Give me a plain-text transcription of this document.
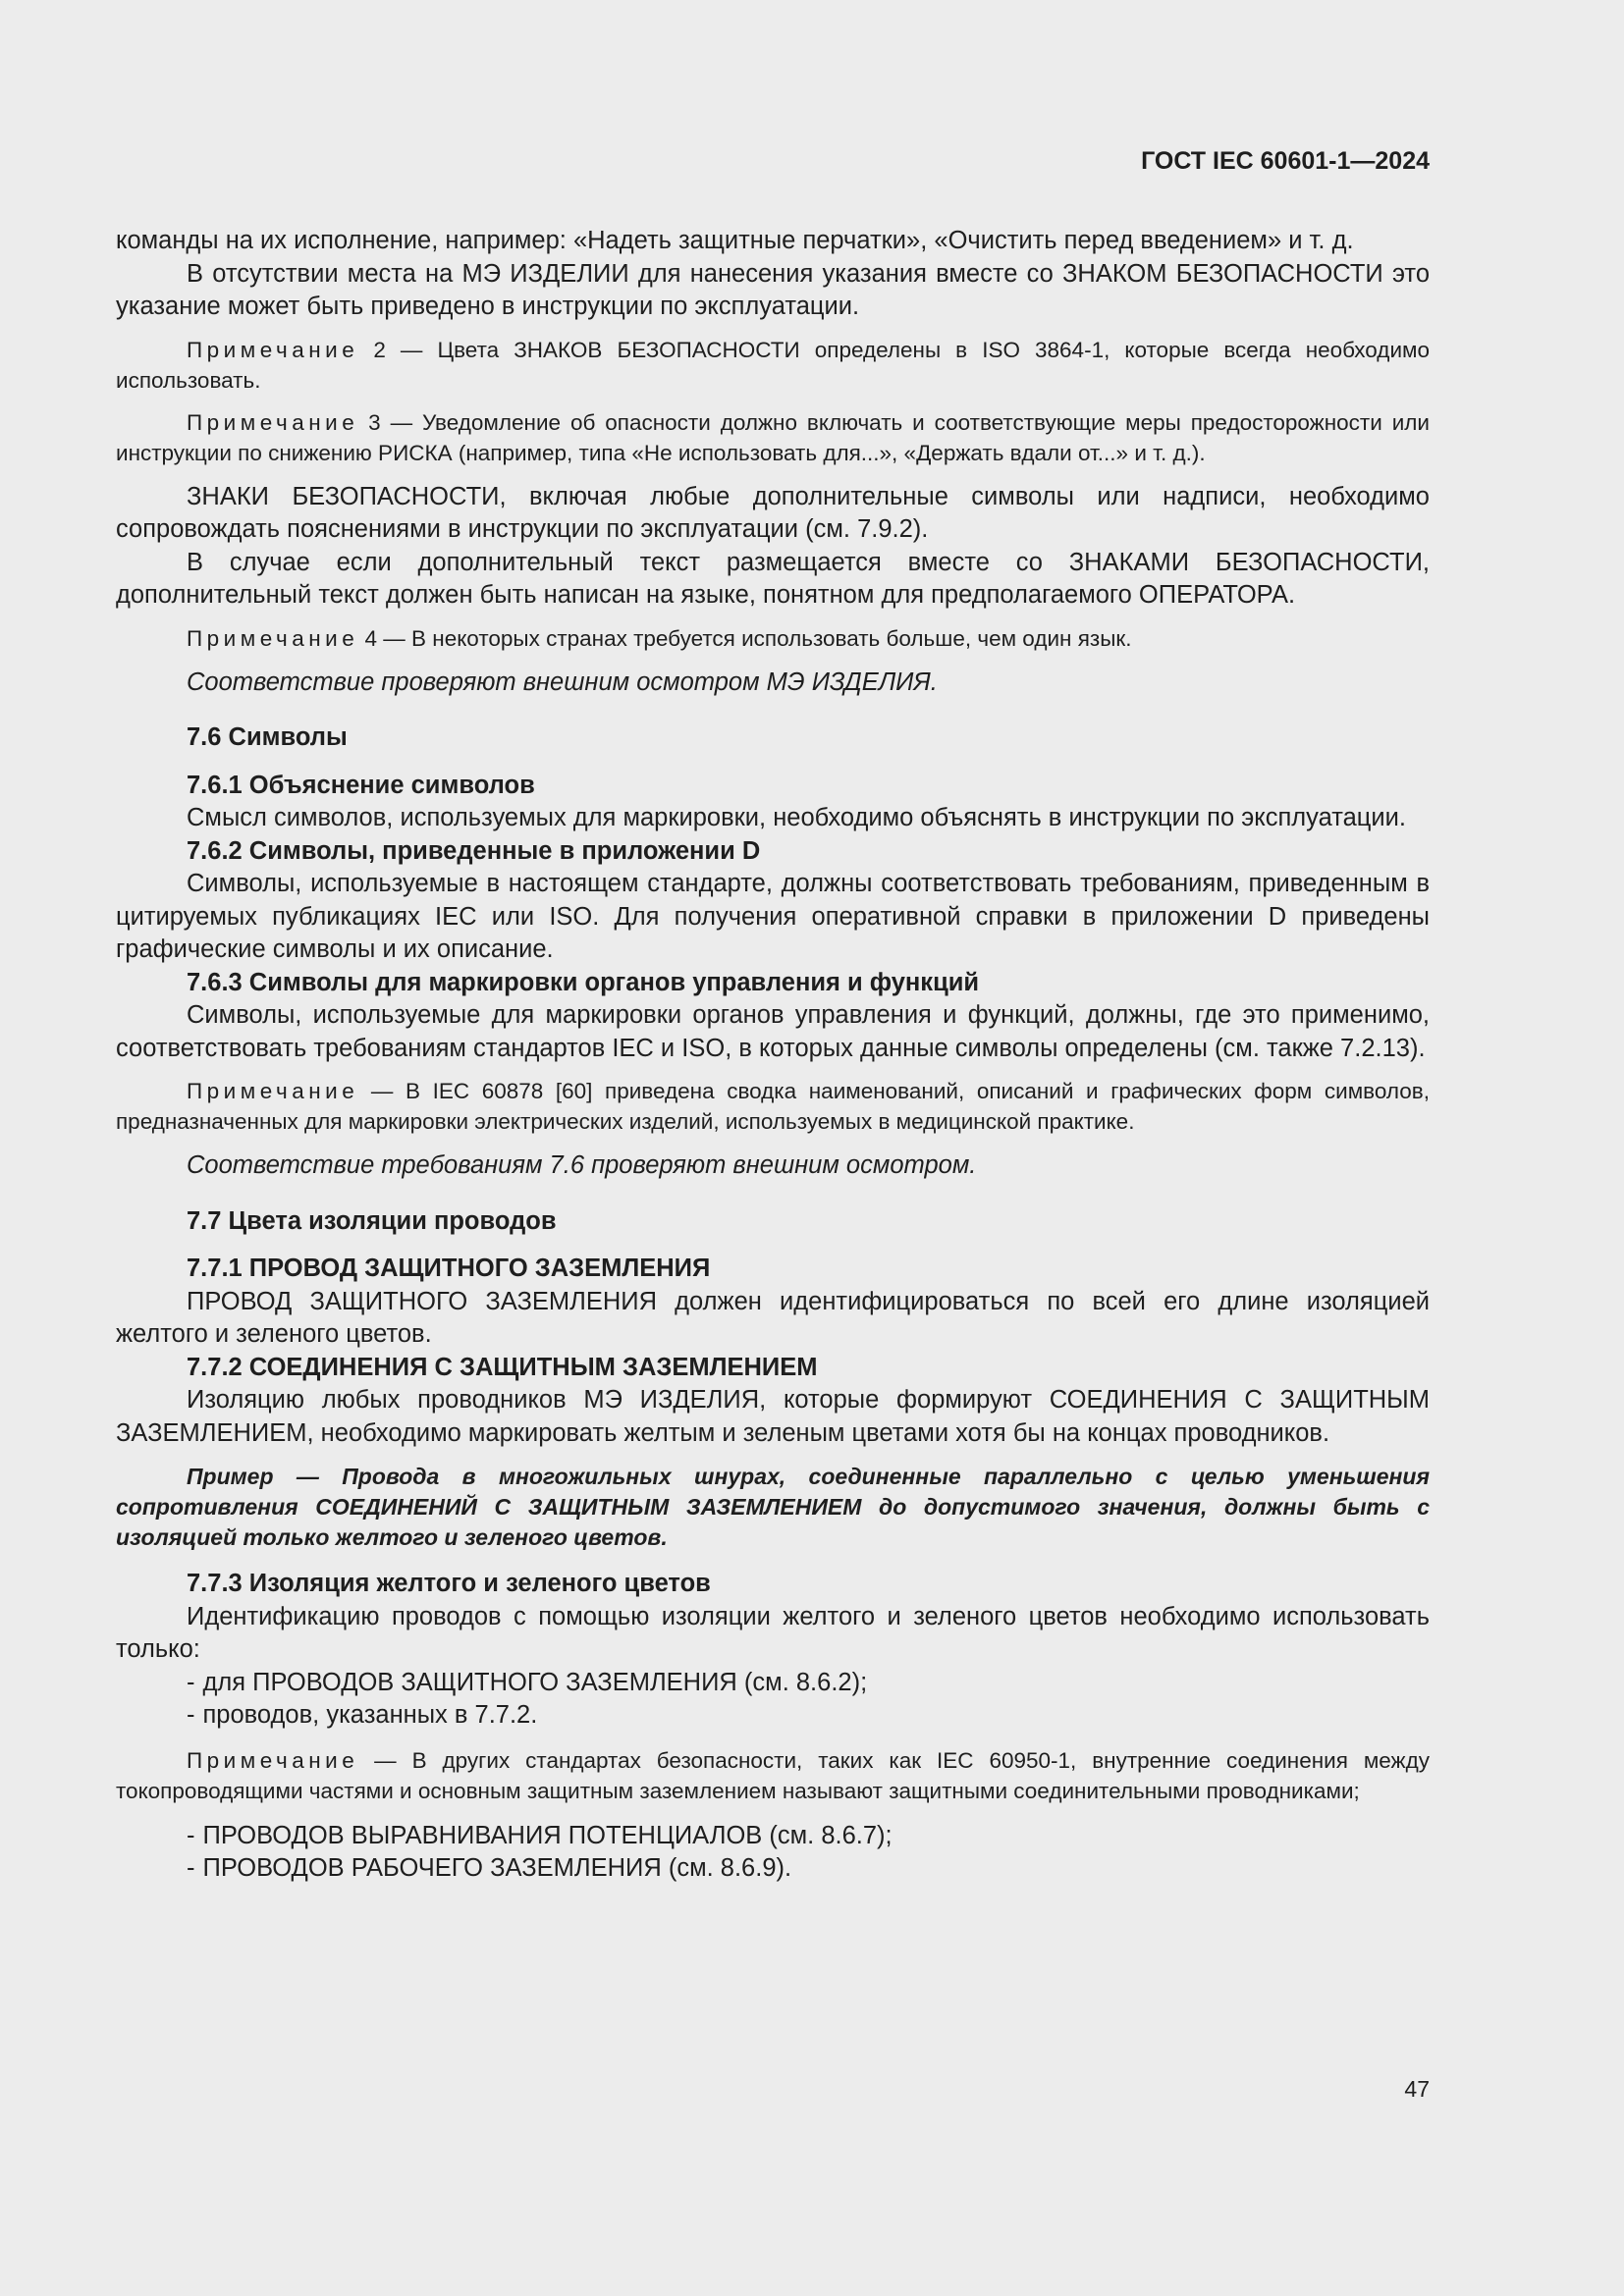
ГОСТ IEC 60601-1—2024

команды на их исполнение, например: «Надеть защитные перчатки», «Очистить перед введением» и т. д.

В отсутствии места на МЭ ИЗДЕЛИИ для нанесения указания вместе со ЗНАКОМ БЕЗОПАСНОСТИ это указание может быть приведено в инструкции по эксплуатации.

Примечание 2 — Цвета ЗНАКОВ БЕЗОПАСНОСТИ определены в ISO 3864-1, которые всегда необходимо использовать.

Примечание 3 — Уведомление об опасности должно включать и соответствующие меры предосторожности или инструкции по снижению РИСКА (например, типа «Не использовать для...», «Держать вдали от...» и т. д.).

ЗНАКИ БЕЗОПАСНОСТИ, включая любые дополнительные символы или надписи, необходимо сопровождать пояснениями в инструкции по эксплуатации (см. 7.9.2).

В случае если дополнительный текст размещается вместе со ЗНАКАМИ БЕЗОПАСНОСТИ, дополнительный текст должен быть написан на языке, понятном для предполагаемого ОПЕРАТОРА.

Примечание 4 — В некоторых странах требуется использовать больше, чем один язык.

Соответствие проверяют внешним осмотром МЭ ИЗДЕЛИЯ.

7.6 Символы

7.6.1 Объяснение символов

Смысл символов, используемых для маркировки, необходимо объяснять в инструкции по эксплуатации.

7.6.2 Символы, приведенные в приложении D

Символы, используемые в настоящем стандарте, должны соответствовать требованиям, приведенным в цитируемых публикациях IEC или ISO. Для получения оперативной справки в приложении D приведены графические символы и их описание.

7.6.3 Символы для маркировки органов управления и функций

Символы, используемые для маркировки органов управления и функций, должны, где это применимо, соответствовать требованиям стандартов IEC и ISO, в которых данные символы определены (см. также 7.2.13).

Примечание — В IEC 60878 [60] приведена сводка наименований, описаний и графических форм символов, предназначенных для маркировки электрических изделий, используемых в медицинской практике.

Соответствие требованиям 7.6 проверяют внешним осмотром.

7.7 Цвета изоляции проводов

7.7.1 ПРОВОД ЗАЩИТНОГО ЗАЗЕМЛЕНИЯ

ПРОВОД ЗАЩИТНОГО ЗАЗЕМЛЕНИЯ должен идентифицироваться по всей его длине изоляцией желтого и зеленого цветов.

7.7.2 СОЕДИНЕНИЯ С ЗАЩИТНЫМ ЗАЗЕМЛЕНИЕМ

Изоляцию любых проводников МЭ ИЗДЕЛИЯ, которые формируют СОЕДИНЕНИЯ С ЗАЩИТНЫМ ЗАЗЕМЛЕНИЕМ, необходимо маркировать желтым и зеленым цветами хотя бы на концах проводников.

Пример — Провода в многожильных шнурах, соединенные параллельно с целью уменьшения сопротивления СОЕДИНЕНИЙ С ЗАЩИТНЫМ ЗАЗЕМЛЕНИЕМ до допустимого значения, должны быть с изоляцией только желтого и зеленого цветов.

7.7.3 Изоляция желтого и зеленого цветов

Идентификацию проводов с помощью изоляции желтого и зеленого цветов необходимо использовать только:

- для ПРОВОДОВ ЗАЩИТНОГО ЗАЗЕМЛЕНИЯ (см. 8.6.2);
- проводов, указанных в 7.7.2.

Примечание — В других стандартах безопасности, таких как IEC 60950-1, внутренние соединения между токопроводящими частями и основным защитным заземлением называют защитными соединительными проводниками;

- ПРОВОДОВ ВЫРАВНИВАНИЯ ПОТЕНЦИАЛОВ (см. 8.6.7);
- ПРОВОДОВ РАБОЧЕГО ЗАЗЕМЛЕНИЯ (см. 8.6.9).

47
